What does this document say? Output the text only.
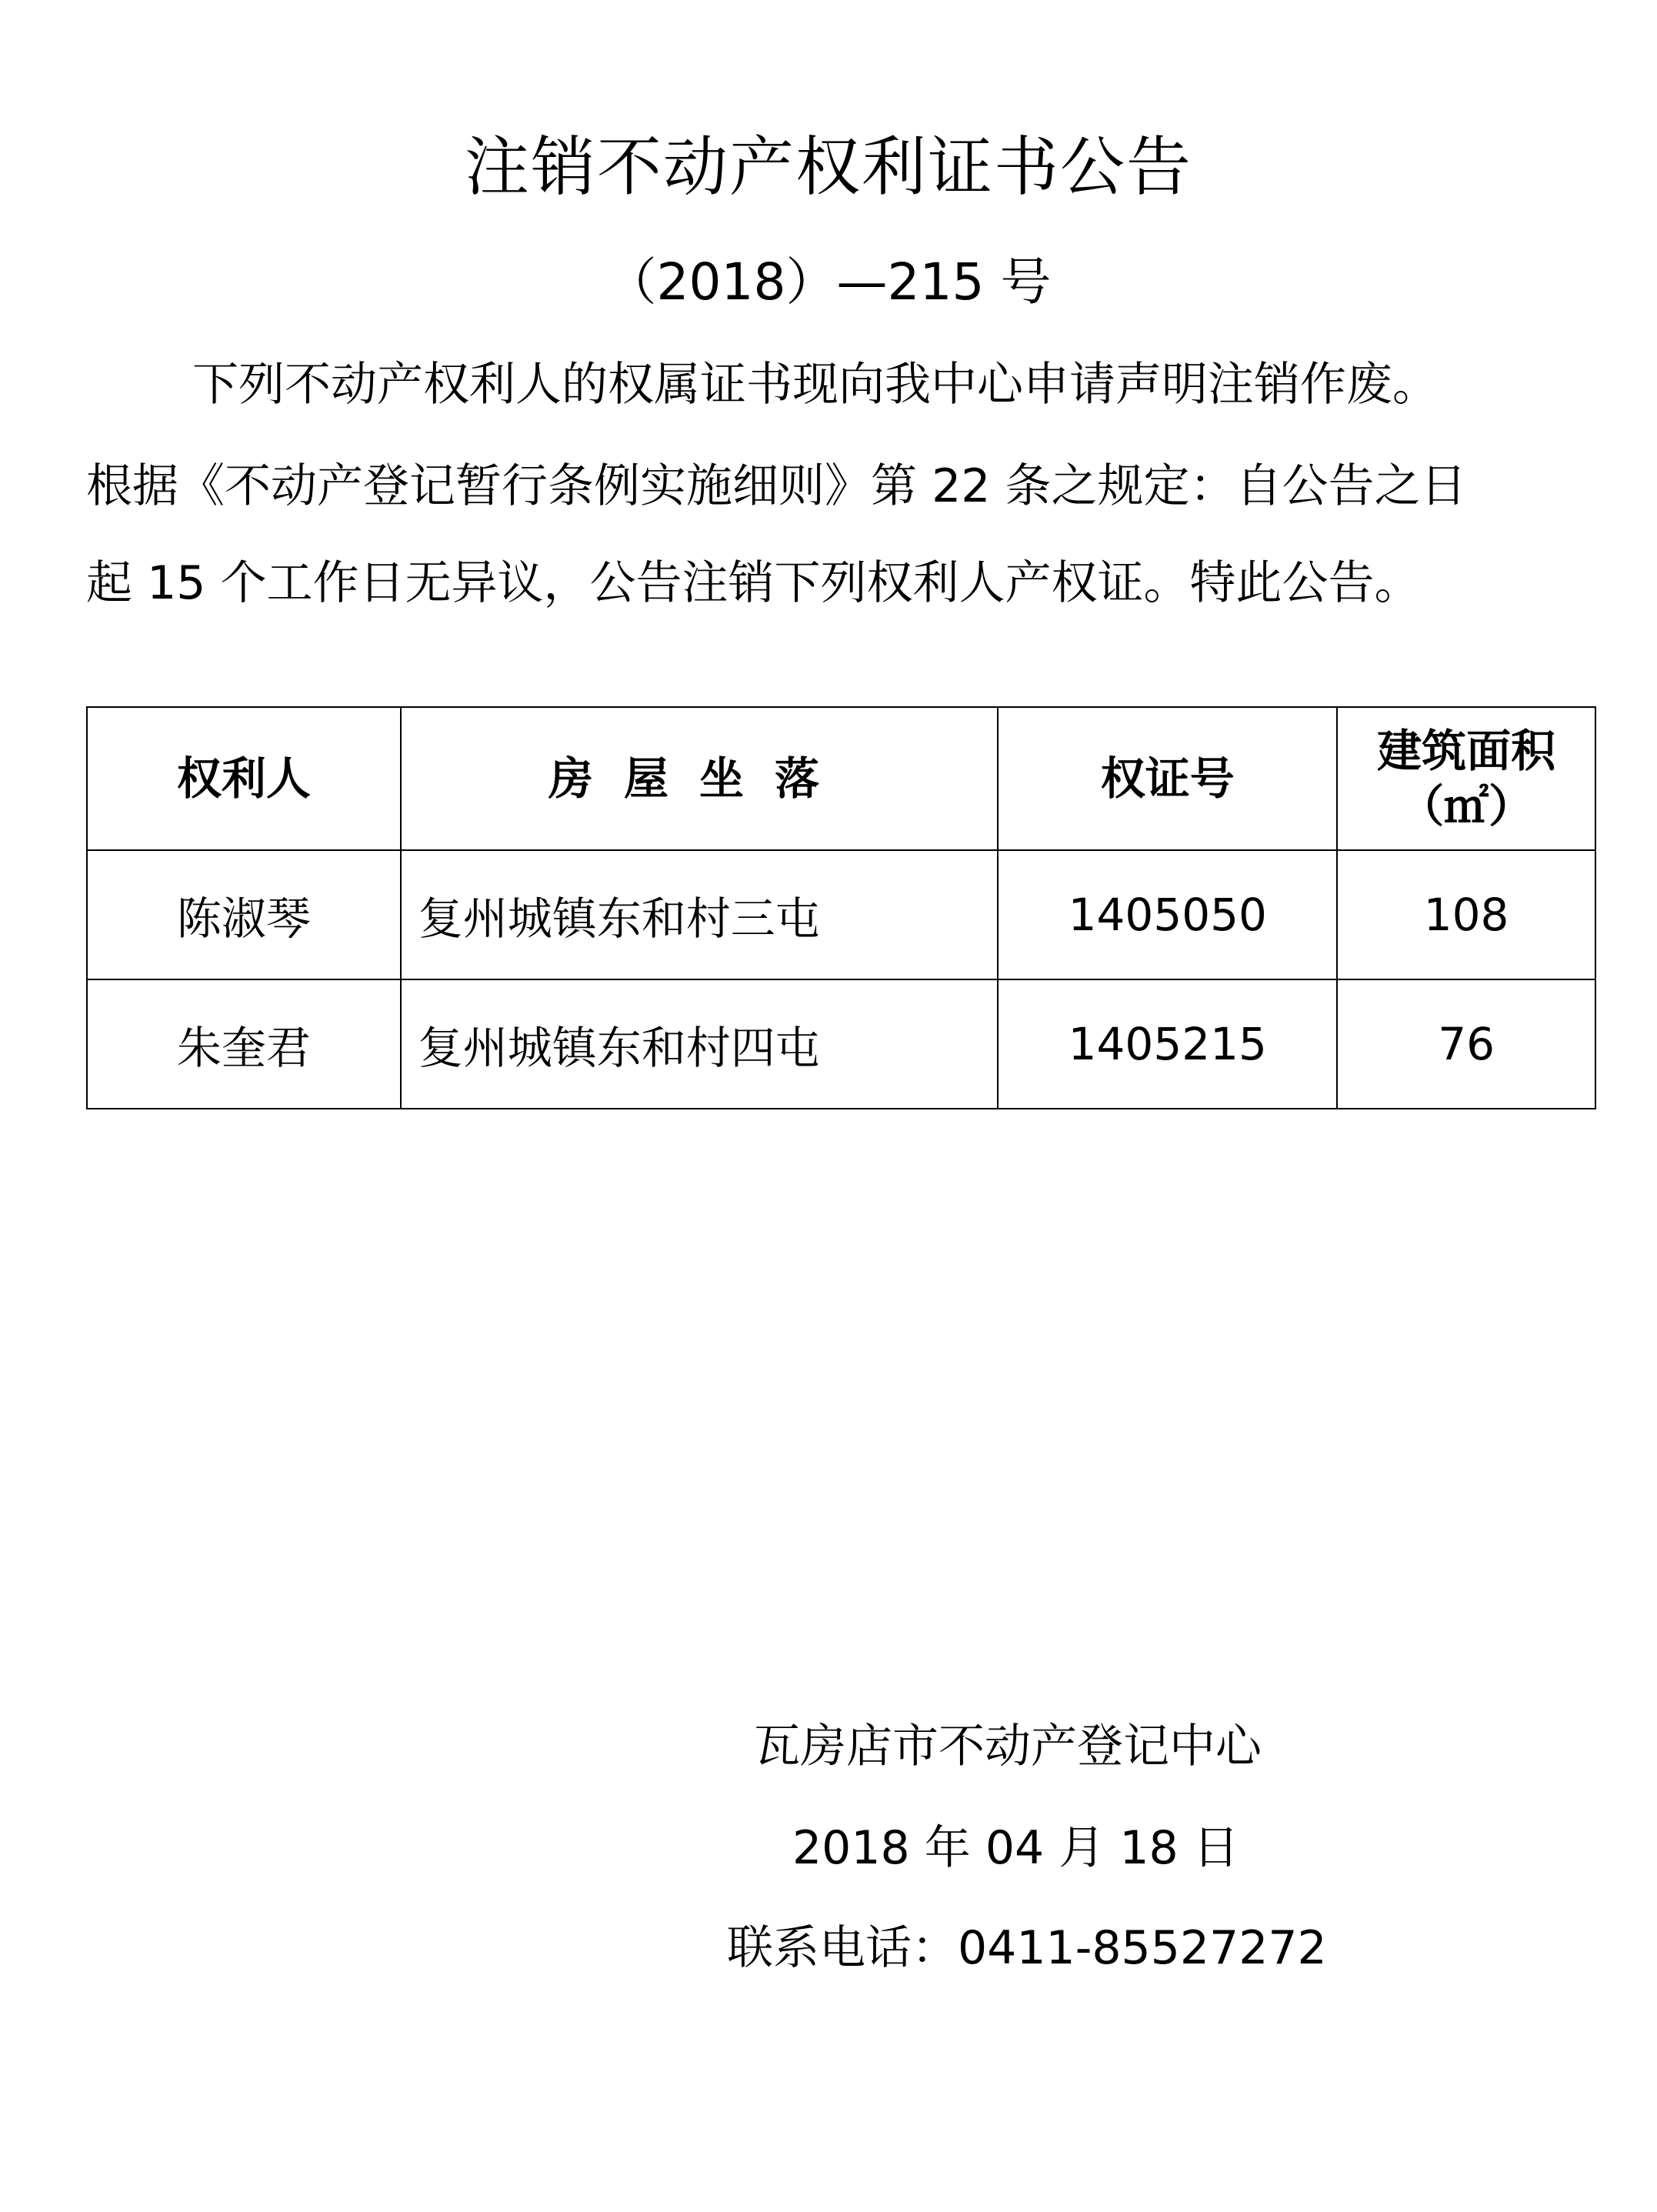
注销不动产权利证书公告
（2018）—215 号
下列不动产权利人的权属证书现向我中心申请声明注销作废。
根据《不动产登记暂行条例实施细则》第 22 条之规定：自公告之日
起 15 个工作日无异议，公告注销下列权利人产权证。特此公告。
权利人	房屋坐落	权证号	建筑面积
（㎡）

陈淑琴	复州城镇东和村三屯	1405050	108
朱奎君	复州城镇东和村四屯	1405215	76
瓦房店市不动产登记中心
2018 年 04 月 18 日
联系电话：0411-85527272
